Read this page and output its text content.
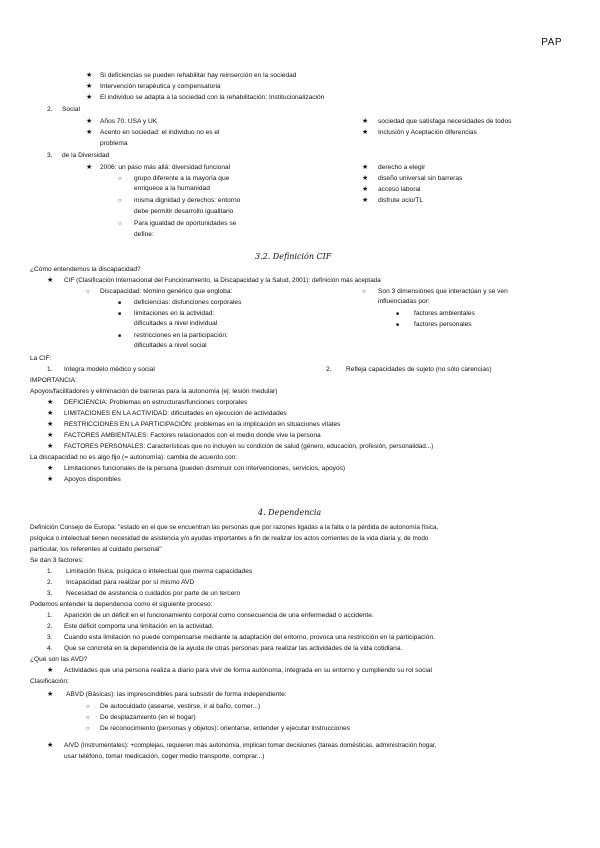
PAP
★ Si deficiencias se pueden rehabilitar hay reinserción en la sociedad
★ Intervención terapéutica y compensatoria
★ El individuo se adapta a la sociedad con la rehabilitación: Institucionalización
2. Social
★ Años 70. USA y UK
★ Acento en sociedad: el individuo no es el
problema
★ sociedad que satisfaga necesidades de todos
★ Inclusión y Aceptación diferencias
3. de la Diversidad
★ 2006: un paso más allá: diversidad funcional
○ grupo diferente a la mayoría que
enriquece a la humanidad
○ misma dignidad y derechos: entorno
debe permitir desarrollo igualitario
○ Para igualdad de oportunidades se
define:
★ derecho a elegir
★ diseño universal sin barreras
★ acceso laboral
★ disfrute ocio/TL
3.2. Definición CIF
¿Cómo entendemos la discapacidad?
★ CIF (Clasificación Internacional del Funcionamiento, la Discapacidad y la Salud, 2001): definición más aceptada
○ Discapacidad: término genérico que engloba:
■ deficiencias: disfunciones corporales
■ limitaciones en la actividad:
dificultades a nivel individual
■ restricciones en la participación:
dificultades a nivel social
○ Son 3 dimensiones que interactúan y se ven
influenciadas por:
■ factores ambientales
■ factores personales
La CIF:
1. Integra modelo médico y social	2. Refleja capacidades de sujeto (no sólo carencias)
IMPORTANCIA:
Apoyos/facilitadores y eliminación de barreras para la autonomía (ej: lesión medular)
★ DEFICIENCIA: Problemas en estructuras/funciones corporales
★ LIMITACIONES EN LA ACTIVIDAD: dificultades en ejecución de actividades
★ RESTRICCIONES EN LA PARTICIPACIÓN: problemas en la implicación en situaciones vitales
★ FACTORES AMBIENTALES: Factores relacionados con el medio donde vive la persona
★ FACTORES PERSONALES: Características que no incluyen su condición de salud (género, educación, profesión, personalidad...)
La discapacidad no es algo fijo (= autonomía): cambia de acuerdo con:
★ Limitaciones funcionales de la persona (pueden disminuir con intervenciones, servicios, apoyos)
★ Apoyos disponibles
4. Dependencia
Definición Consejo de Europa: "estado en el que se encuentran las personas que por razones ligadas a la falta o la pérdida de autonomía física,
psíquica o intelectual tienen necesidad de asistencia y/o ayudas importantes a fin de realizar los actos corrientes de la vida diaria y, de modo
particular, los referentes al cuidado personal"
Se dan 3 factores:
1. Limitación física, psíquica o intelectual que merma capacidades
2. Incapacidad para realizar por sí mismo AVD
3. Necesidad de asistencia o cuidados por parte de un tercero
Podemos entender la dependencia como el siguiente proceso:
1. Aparición de un déficit en el funcionamiento corporal como consecuencia de una enfermedad o accidente.
2. Este déficit comporta una limitación en la actividad.
3. Cuando esta limitación no puede compensarse mediante la adaptación del entorno, provoca una restricción en la participación.
4. Que se concreta en la dependencia de la ayuda de otras personas para realizar las actividades de la vida cotidiana.
¿Qué son las AVD?
★ Actividades que una persona realiza a diario para vivir de forma autónoma, integrada en su entorno y cumpliendo su rol social
Clasificación:
★ ABVD (Básicas): las imprescindibles para subsistir de forma independiente:
○ De autocuidado (asearse, vestirse, ir al baño, comer...)
○ De desplazamiento (en el hogar)
○ De reconocimiento (personas y objetos): orientarse, entender y ejecutar instrucciones
★ AIVD (Instrumentales): +complejas, requieren más autonomía, implican tomar decisiones (tareas domésticas, administración hogar,
usar teléfono, tomar medicación, coger medio transporte, comprar...)
